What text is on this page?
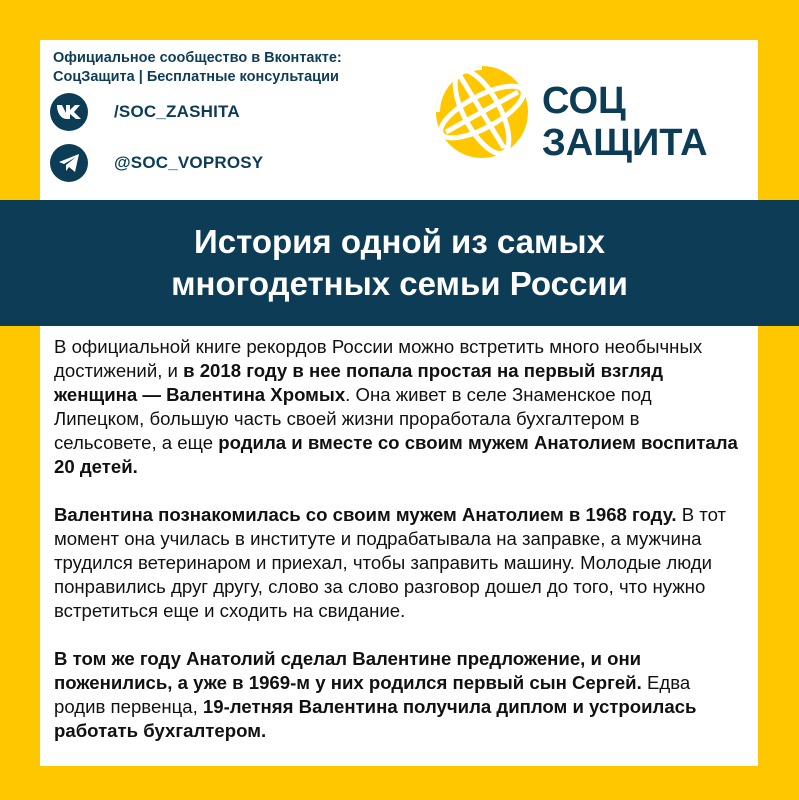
Официальное сообщество в Вконтакте:
СоцЗащита | Бесплатные консультации
/SOC_ZASHITA
@SOC_VOPROSY
СОЦ
ЗАЩИТА
История одной из самых
многодетных семьи России

В официальной книге рекордов России можно встретить много необычных достижений, и в 2018 году в нее попала простая на первый взгляд женщина — Валентина Хромых. Она живет в селе Знаменское под Липецком, большую часть своей жизни проработала бухгалтером в сельсовете, а еще родила и вместе со своим мужем Анатолием воспитала 20 детей.

Валентина познакомилась со своим мужем Анатолием в 1968 году. В тот момент она училась в институте и подрабатывала на заправке, а мужчина трудился ветеринаром и приехал, чтобы заправить машину. Молодые люди понравились друг другу, слово за слово разговор дошел до того, что нужно встретиться еще и сходить на свидание.

В том же году Анатолий сделал Валентине предложение, и они поженились, а уже в 1969-м у них родился первый сын Сергей. Едва родив первенца, 19-летняя Валентина получила диплом и устроилась работать бухгалтером.
